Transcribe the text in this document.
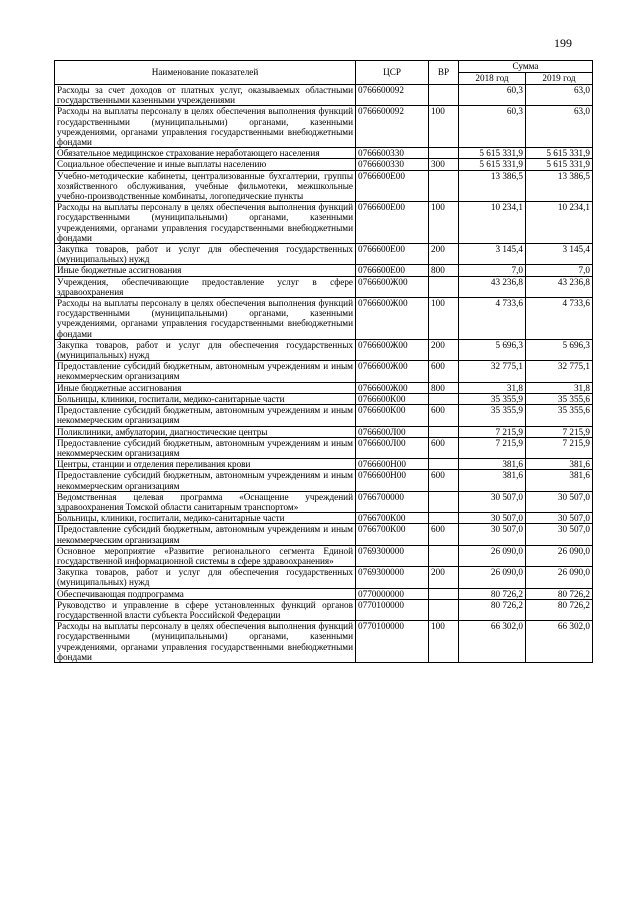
199
Наименование показателей	ЦСР	ВР	Сумма	
			2018 год	2019 год
Расходы за счет доходов от платных услуг, оказываемых областными государственными казенными учреждениями	0766600092		60,3	63,0
Расходы на выплаты персоналу в целях обеспечения выполнения функций государственными (муниципальными) органами, казенными учреждениями, органами управления государственными внебюджетными фондами	0766600092	100	60,3	63,0
Обязательное медицинское страхование неработающего населения	0766600330		5 615 331,9	5 615 331,9
Социальное обеспечение и иные выплаты населению	0766600330	300	5 615 331,9	5 615 331,9
Учебно-методические кабинеты, централизованные бухгалтерии, группы хозяйственного обслуживания, учебные фильмотеки, межшкольные учебно-производственные комбинаты, логопедические пункты	0766600Е00		13 386,5	13 386,5
Расходы на выплаты персоналу в целях обеспечения выполнения функций государственными (муниципальными) органами, казенными учреждениями, органами управления государственными внебюджетными фондами	0766600Е00	100	10 234,1	10 234,1
Закупка товаров, работ и услуг для обеспечения государственных (муниципальных) нужд	0766600Е00	200	3 145,4	3 145,4
Иные бюджетные ассигнования	0766600Е00	800	7,0	7,0
Учреждения, обеспечивающие предоставление услуг в сфере здравоохранения	0766600Ж00		43 236,8	43 236,8
Расходы на выплаты персоналу в целях обеспечения выполнения функций государственными (муниципальными) органами, казенными учреждениями, органами управления государственными внебюджетными фондами	0766600Ж00	100	4 733,6	4 733,6
Закупка товаров, работ и услуг для обеспечения государственных (муниципальных) нужд	0766600Ж00	200	5 696,3	5 696,3
Предоставление субсидий бюджетным, автономным учреждениям и иным некоммерческим организациям	0766600Ж00	600	32 775,1	32 775,1
Иные бюджетные ассигнования	0766600Ж00	800	31,8	31,8
Больницы, клиники, госпитали, медико-санитарные части	0766600К00		35 355,9	35 355,6
Предоставление субсидий бюджетным, автономным учреждениям и иным некоммерческим организациям	0766600К00	600	35 355,9	35 355,6
Поликлиники, амбулатории, диагностические центры	0766600Л00		7 215,9	7 215,9
Предоставление субсидий бюджетным, автономным учреждениям и иным некоммерческим организациям	0766600Л00	600	7 215,9	7 215,9
Центры, станции и отделения переливания крови	0766600Н00		381,6	381,6
Предоставление субсидий бюджетным, автономным учреждениям и иным некоммерческим организациям	0766600Н00	600	381,6	381,6
Ведомственная целевая программа «Оснащение учреждений здравоохранения Томской области санитарным транспортом»	0766700000		30 507,0	30 507,0
Больницы, клиники, госпитали, медико-санитарные части	0766700К00		30 507,0	30 507,0
Предоставление субсидий бюджетным, автономным учреждениям и иным некоммерческим организациям	0766700К00	600	30 507,0	30 507,0
Основное мероприятие «Развитие регионального сегмента Единой государственной информационной системы в сфере здравоохранения»	0769300000		26 090,0	26 090,0
Закупка товаров, работ и услуг для обеспечения государственных (муниципальных) нужд	0769300000	200	26 090,0	26 090,0
Обеспечивающая подпрограмма	0770000000		80 726,2	80 726,2
Руководство и управление в сфере установленных функций органов государственной власти субъекта Российской Федерации	0770100000		80 726,2	80 726,2
Расходы на выплаты персоналу в целях обеспечения выполнения функций государственными (муниципальными) органами, казенными учреждениями, органами управления государственными внебюджетными фондами	0770100000	100	66 302,0	66 302,0
